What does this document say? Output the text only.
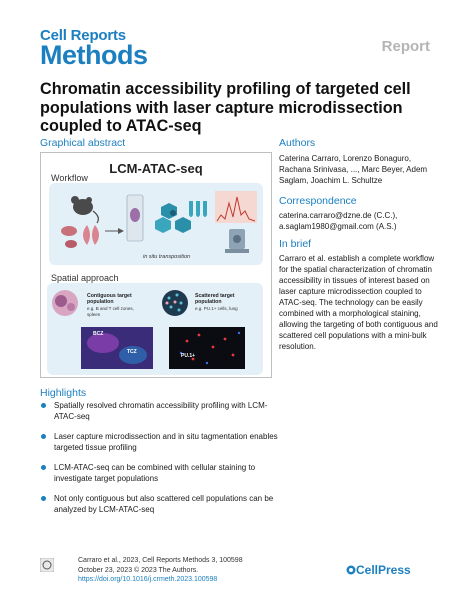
Cell Reports
Methods	Report
Chromatin accessibility profiling of targeted cell populations with laser capture microdissection coupled to ATAC-seq
Graphical abstract
LCM-ATAC-seq
Workflow
in situ transposition
Spatial approach
Contiguous target population
e.g. B and T cell zones, spleen
Scattered target population
e.g. PU.1+ cells, lung
BCZ
TCZ
PU.1+
Authors
Caterina Carraro, Lorenzo Bonaguro, Rachana Srinivasa, ..., Marc Beyer, Adem Saglam, Joachim L. Schultze
Correspondence
caterina.carraro@dzne.de (C.C.), a.saglam1980@gmail.com (A.S.)
In brief
Carraro et al. establish a complete workflow for the spatial characterization of chromatin accessibility in tissues of interest based on laser capture microdissection coupled to ATAC-seq. The technology can be easily combined with a morphological staining, allowing the targeting of both contiguous and scattered cell populations with a mini-bulk resolution.
Highlights
Spatially resolved chromatin accessibility profiling with LCM-ATAC-seq
Laser capture microdissection and in situ tagmentation enables targeted tissue profiling
LCM-ATAC-seq can be combined with cellular staining to investigate target populations
Not only contiguous but also scattered cell populations can be analyzed by LCM-ATAC-seq
Carraro et al., 2023, Cell Reports Methods 3, 100598
October 23, 2023 © 2023 The Authors.
https://doi.org/10.1016/j.crmeth.2023.100598
CellPress
